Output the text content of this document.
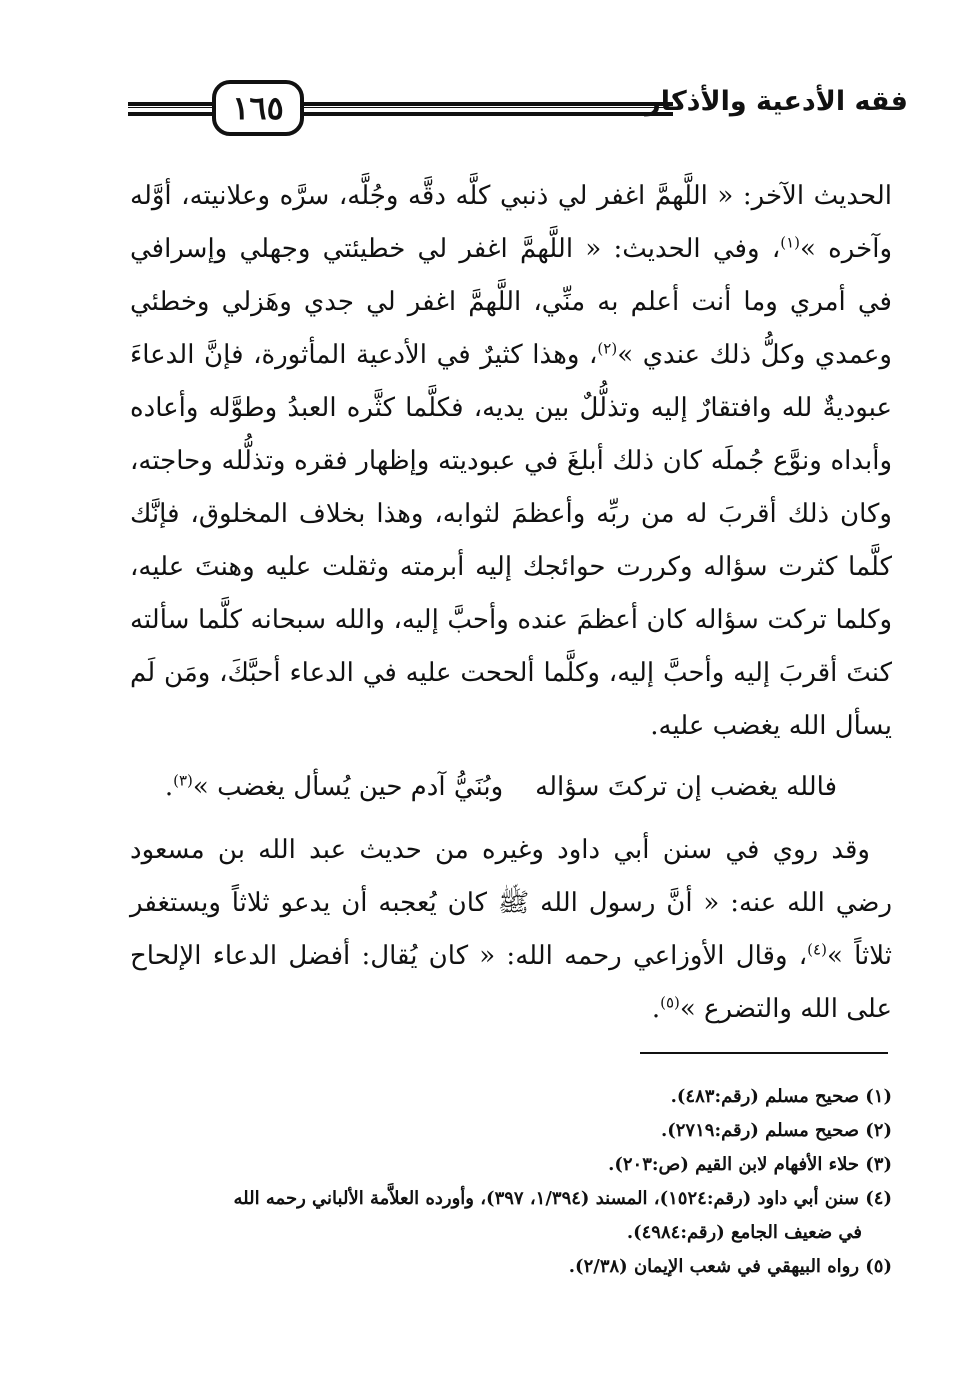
١٦٥	فقه الأدعية والأذكار

الحديث الآخر: « اللَّهمَّ اغفر لي ذنبي كلَّه دقَّه وجُلَّه، سرَّه وعلانيته، أوَّله وآخره »$^{(١)}$، وفي الحديث: « اللَّهمَّ اغفر لي خطيئتي وجهلي وإسرافي في أمري وما أنت أعلم به منِّي، اللَّهمَّ اغفر لي جدي وهَزلي وخطئي وعمدي وكلُّ ذلك عندي »$^{(٢)}$، وهذا كثيرٌ في الأدعية المأثورة، فإنَّ الدعاءَ عبوديةٌ لله وافتقارٌ إليه وتذلُّلٌ بين يديه، فكلَّما كثَّره العبدُ وطوَّله وأعاده وأبداه ونوَّع جُملَه كان ذلك أبلغَ في عبوديته وإظهار فقره وتذلُّله وحاجته، وكان ذلك أقربَ له من ربِّه وأعظمَ لثوابه، وهذا بخلاف المخلوق، فإنَّك كلَّما كثرت سؤاله وكررت حوائجك إليه أبرمته وثقلت عليه وهنتَ عليه، وكلما تركت سؤاله كان أعظمَ عنده وأحبَّ إليه، والله سبحانه كلَّما سألته كنتَ أقربَ إليه وأحبَّ إليه، وكلَّما ألححت عليه في الدعاء أحبَّكَ، ومَن لَم يسأل الله يغضب عليه.

فالله يغضب إن تركتَ سؤالهوبُنَيُّ آدم حين يُسأل يغضب »$^{(٣)}$.

وقد روي في سنن أبي داود وغيره من حديث عبد الله بن مسعود رضي الله عنه: « أنَّ رسول الله ﷺ كان يُعجبه أن يدعو ثلاثاً ويستغفر ثلاثاً »$^{(٤)}$، وقال الأوزاعي رحمه الله: « كان يُقال: أفضل الدعاء الإلحاح على الله والتضرع »$^{(٥)}$.

(١) صحيح مسلم (رقم:٤٨٣).

(٢) صحيح مسلم (رقم:٢٧١٩).

(٣) حلاء الأفهام لابن القيم (ص:٢٠٣).

(٤) سنن أبي داود (رقم:١٥٢٤)، المسند (١/٣٩٤، ٣٩٧)، وأورده العلاَّمة الألباني رحمه الله

في ضعيف الجامع (رقم:٤٩٨٤).

(٥) رواه البيهقي في شعب الإيمان (٢/٣٨).
